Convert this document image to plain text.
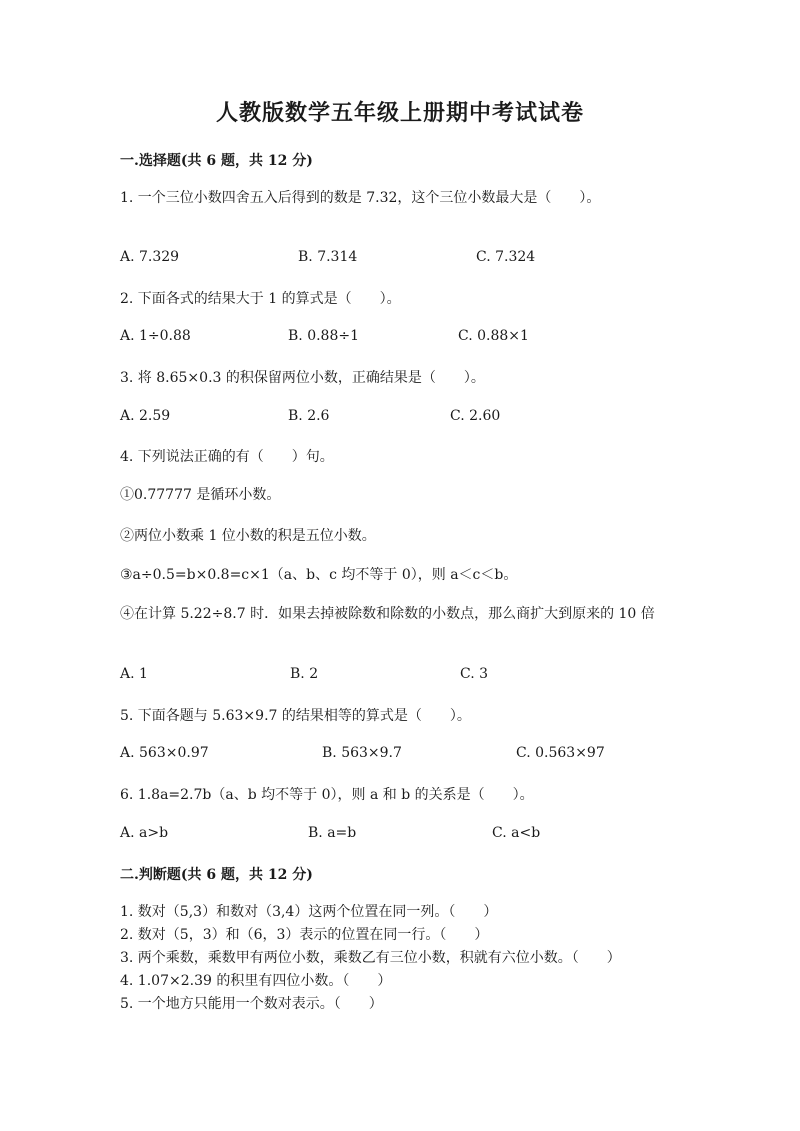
人教版数学五年级上册期中考试试卷
一.选择题(共 6 题，共 12 分)
1. 一个三位小数四舍五入后得到的数是 7.32，这个三位小数最大是（　　）。
A. 7.329	B. 7.314	C. 7.324
2. 下面各式的结果大于 1 的算式是（　　）。
A. 1÷0.88	B. 0.88÷1	C. 0.88×1
3. 将 8.65×0.3 的积保留两位小数，正确结果是（　　）。
A. 2.59	B. 2.6	C. 2.60
4. 下列说法正确的有（　　）句。
①0.77777 是循环小数。
②两位小数乘 1 位小数的积是五位小数。
③a÷0.5=b×0.8=c×1（a、b、c 均不等于 0），则 a＜c＜b。
④在计算 5.22÷8.7 时．如果去掉被除数和除数的小数点，那么商扩大到原来的 10 倍
A. 1	B. 2	C. 3
5. 下面各题与 5.63×9.7 的结果相等的算式是（　　）。
A. 563×0.97	B. 563×9.7	C. 0.563×97
6. 1.8a=2.7b（a、b 均不等于 0），则 a 和 b 的关系是（　　）。
A. a>b	B. a=b	C. a<b
二.判断题(共 6 题，共 12 分)
1. 数对（5,3）和数对（3,4）这两个位置在同一列。（　　）
2. 数对（5，3）和（6，3）表示的位置在同一行。（　　）
3. 两个乘数，乘数甲有两位小数，乘数乙有三位小数，积就有六位小数。（　　）
4. 1.07×2.39 的积里有四位小数。（　　）
5. 一个地方只能用一个数对表示。（　　）
